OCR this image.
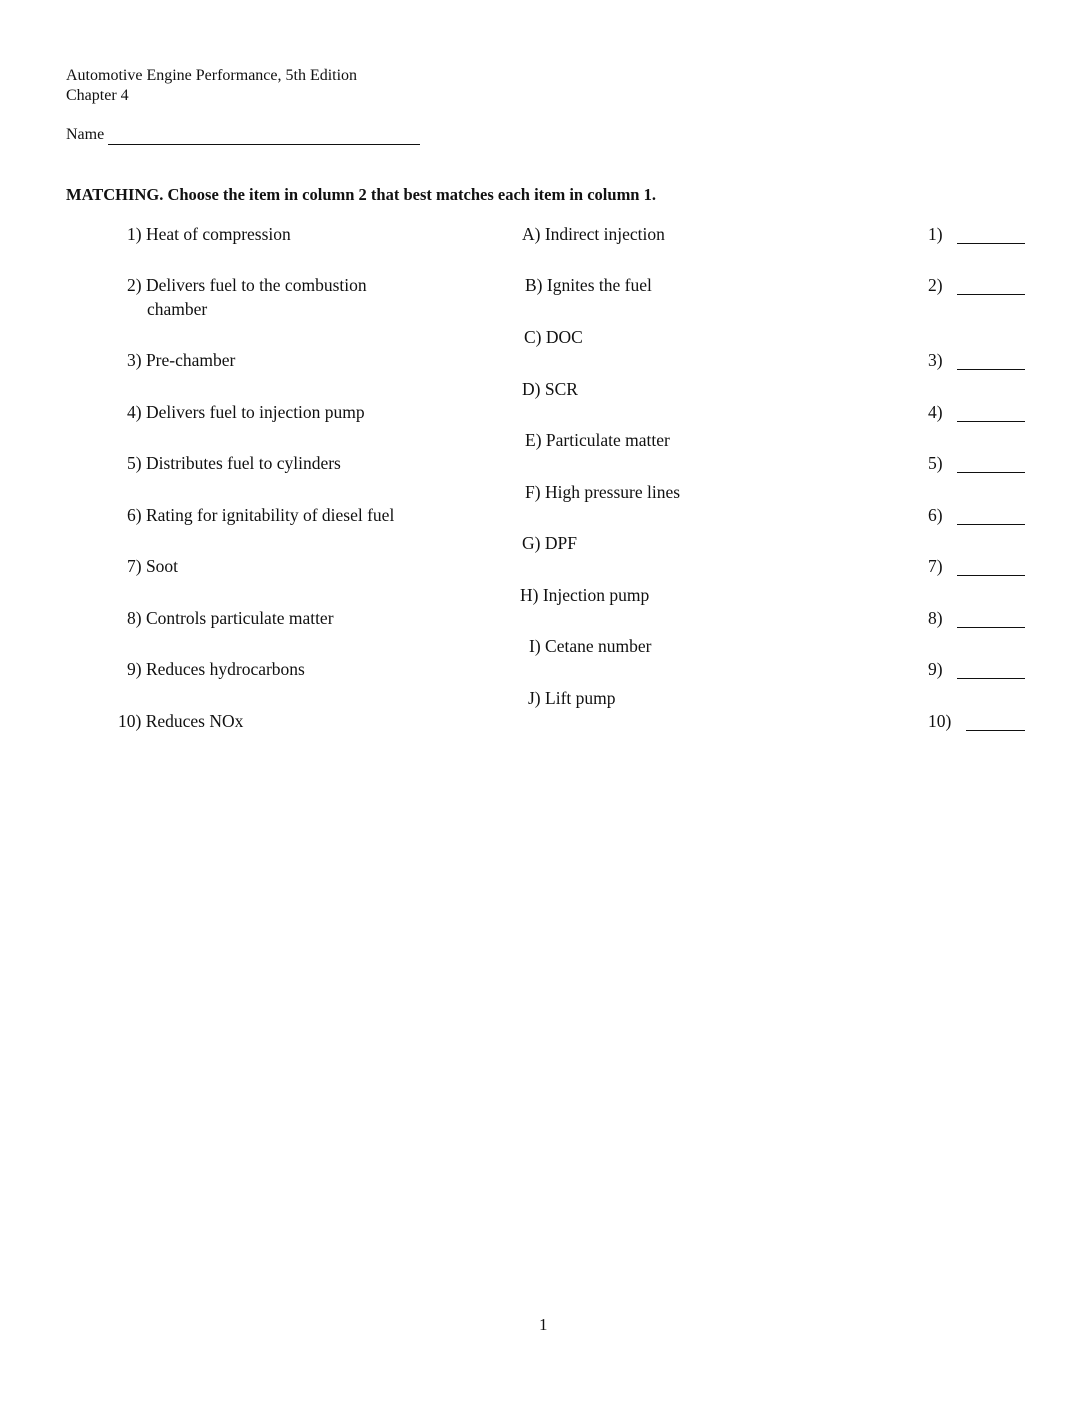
Automotive Engine Performance, 5th Edition
Chapter 4
Name
MATCHING. Choose the item in column 2 that best matches each item in column 1.
1) Heat of compression
2) Delivers fuel to the combustion
chamber
3) Pre-chamber
4) Delivers fuel to injection pump
5) Distributes fuel to cylinders
6) Rating for ignitability of diesel fuel
7) Soot
8) Controls particulate matter
9) Reduces hydrocarbons
10) Reduces NOx
A) Indirect injection
B) Ignites the fuel
C) DOC
D) SCR
E) Particulate matter
F) High pressure lines
G) DPF
H) Injection pump
I) Cetane number
J) Lift pump
1)
2)
3)
4)
5)
6)
7)
8)
9)
10)
1
